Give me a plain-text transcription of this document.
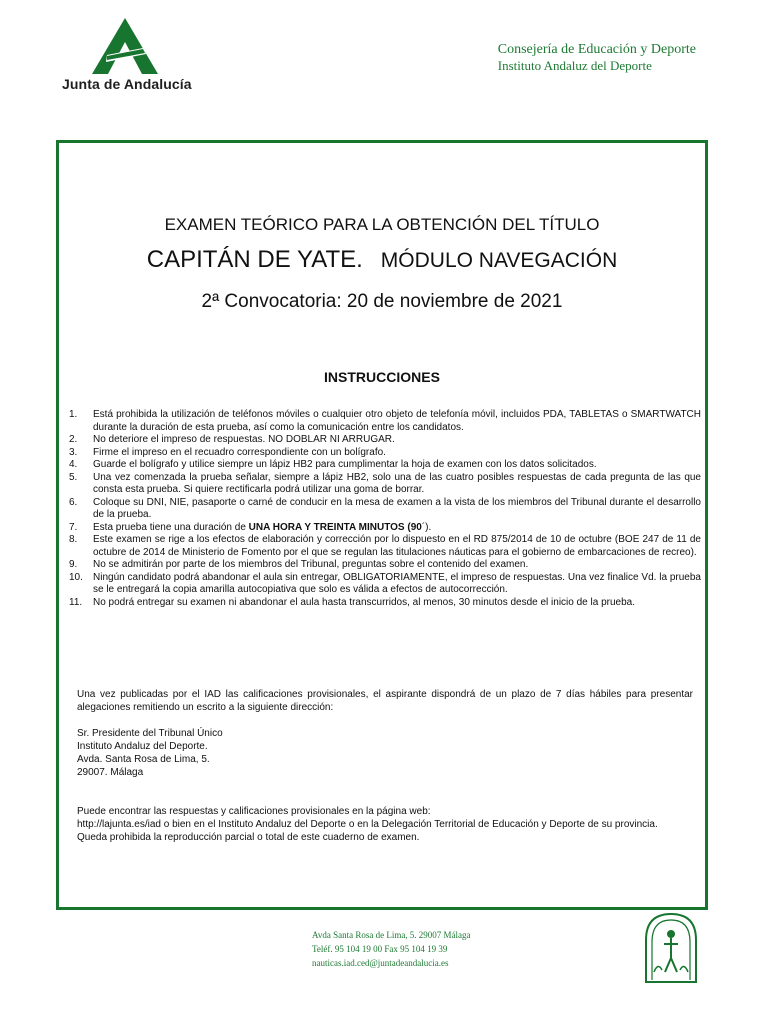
Junta de Andalucía
Consejería de Educación y Deporte
Instituto Andaluz del Deporte
EXAMEN TEÓRICO PARA LA OBTENCIÓN DEL TÍTULO
CAPITÁN DE YATE. MÓDULO NAVEGACIÓN
2ª Convocatoria: 20 de noviembre de 2021
INSTRUCCIONES
1. Está prohibida la utilización de teléfonos móviles o cualquier otro objeto de telefonía móvil, incluidos PDA, TABLETAS o SMARTWATCH durante la duración de esta prueba, así como la comunicación entre los candidatos.
2. No deteriore el impreso de respuestas. NO DOBLAR NI ARRUGAR.
3. Firme el impreso en el recuadro correspondiente con un bolígrafo.
4. Guarde el bolígrafo y utilice siempre un lápiz HB2 para cumplimentar la hoja de examen con los datos solicitados.
5. Una vez comenzada la prueba señalar, siempre a lápiz HB2, solo una de las cuatro posibles respuestas de cada pregunta de las que consta esta prueba. Si quiere rectificarla podrá utilizar una goma de borrar.
6. Coloque su DNI, NIE, pasaporte o carné de conducir en la mesa de examen a la vista de los miembros del Tribunal durante el desarrollo de la prueba.
7. Esta prueba tiene una duración de UNA HORA Y TREINTA MINUTOS (90´).
8. Este examen se rige a los efectos de elaboración y corrección por lo dispuesto en el RD 875/2014 de 10 de octubre (BOE 247 de 11 de octubre de 2014 de Ministerio de Fomento por el que se regulan las titulaciones náuticas para el gobierno de embarcaciones de recreo).
9. No se admitirán por parte de los miembros del Tribunal, preguntas sobre el contenido del examen.
10. Ningún candidato podrá abandonar el aula sin entregar, OBLIGATORIAMENTE, el impreso de respuestas. Una vez finalice Vd. la prueba se le entregará la copia amarilla autocopiativa que solo es válida a efectos de autocorrección.
11. No podrá entregar su examen ni abandonar el aula hasta transcurridos, al menos, 30 minutos desde el inicio de la prueba.
Una vez publicadas por el IAD las calificaciones provisionales, el aspirante dispondrá de un plazo de 7 días hábiles para presentar alegaciones remitiendo un escrito a la siguiente dirección:
Sr. Presidente del Tribunal Único
Instituto Andaluz del Deporte.
Avda. Santa Rosa de Lima, 5.
29007. Málaga
Puede encontrar las respuestas y calificaciones provisionales en la página web:
http://lajunta.es/iad o bien en el Instituto Andaluz del Deporte o en la Delegación Territorial de Educación y Deporte de su provincia.
Queda prohibida la reproducción parcial o total de este cuaderno de examen.
Avda Santa Rosa de Lima, 5. 29007 Málaga
Teléf. 95 104 19 00 Fax 95 104 19 39
nauticas.iad.ced@juntadeandalucia.es
